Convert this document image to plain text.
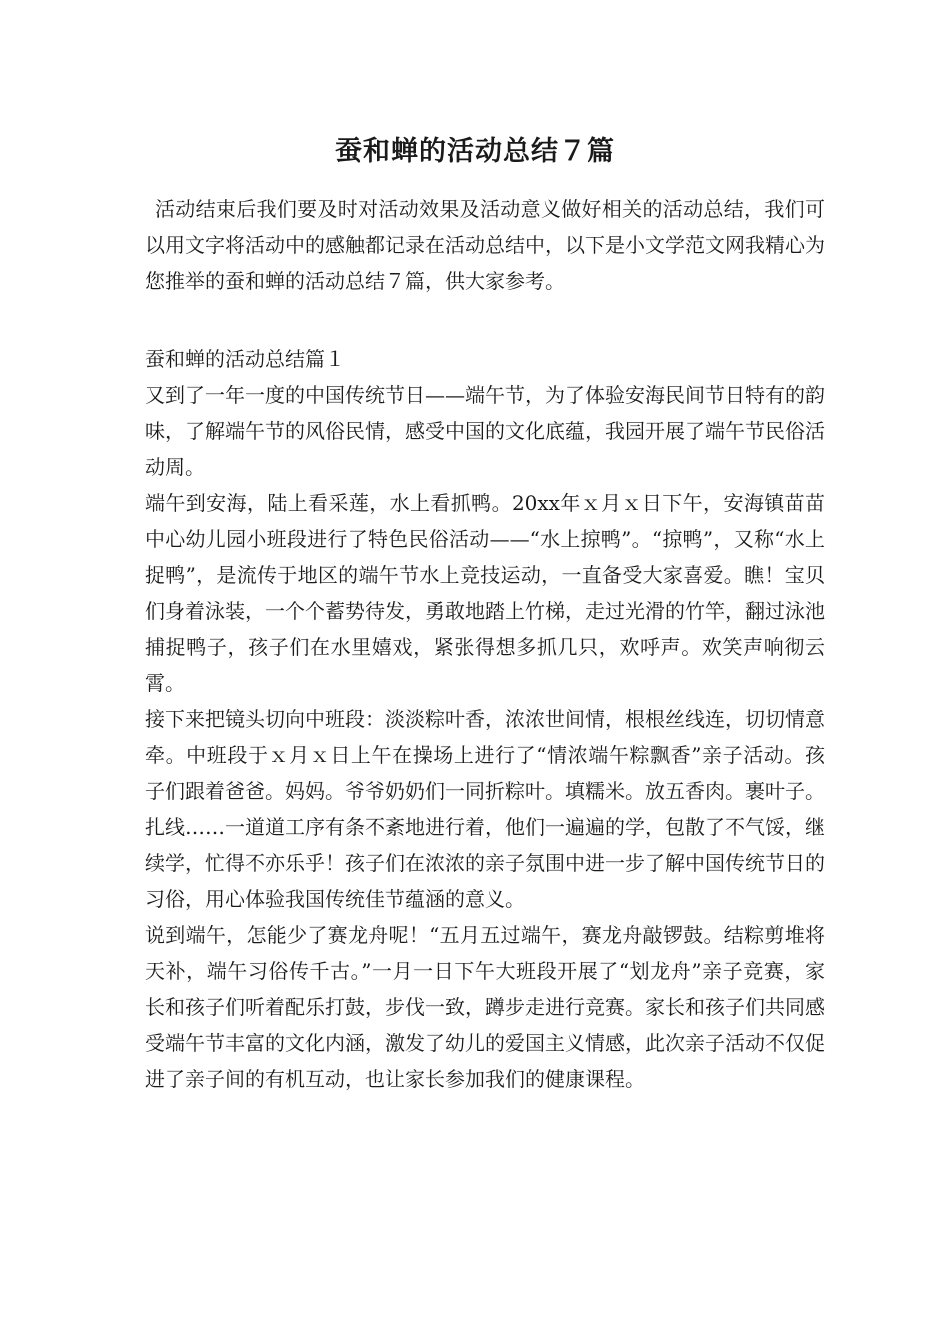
蚕和蝉的活动总结７篇

活动结束后我们要及时对活动效果及活动意义做好相关的活动总结，我们可以用文字将活动中的感触都记录在活动总结中，以下是小文学范文网我精心为您推举的蚕和蝉的活动总结７篇，供大家参考。

蚕和蝉的活动总结篇１

又到了一年一度的中国传统节日——端午节，为了体验安海民间节日特有的韵味，了解端午节的风俗民情，感受中国的文化底蕴，我园开展了端午节民俗活动周。

端午到安海，陆上看采莲，水上看抓鸭。20xx年ｘ月ｘ日下午，安海镇苗苗中心幼儿园小班段进行了特色民俗活动——“水上掠鸭”。“掠鸭”，又称“水上捉鸭”，是流传于地区的端午节水上竞技运动，一直备受大家喜爱。瞧！宝贝们身着泳装，一个个蓄势待发，勇敢地踏上竹梯，走过光滑的竹竿，翻过泳池捕捉鸭子，孩子们在水里嬉戏，紧张得想多抓几只，欢呼声。欢笑声响彻云霄。

接下来把镜头切向中班段：淡淡粽叶香，浓浓世间情，根根丝线连，切切情意牵。中班段于ｘ月ｘ日上午在操场上进行了“情浓端午粽飘香”亲子活动。孩子们跟着爸爸。妈妈。爷爷奶奶们一同折粽叶。填糯米。放五香肉。裹叶子。扎线……一道道工序有条不紊地进行着，他们一遍遍的学，包散了不气馁，继续学，忙得不亦乐乎！孩子们在浓浓的亲子氛围中进一步了解中国传统节日的习俗，用心体验我国传统佳节蕴涵的意义。

说到端午，怎能少了赛龙舟呢！“五月五过端午，赛龙舟敲锣鼓。结粽剪堆将天补，端午习俗传千古。”一月一日下午大班段开展了“划龙舟”亲子竞赛，家长和孩子们听着配乐打鼓，步伐一致，蹲步走进行竞赛。家长和孩子们共同感受端午节丰富的文化内涵，激发了幼儿的爱国主义情感，此次亲子活动不仅促进了亲子间的有机互动，也让家长参加我们的健康课程。
